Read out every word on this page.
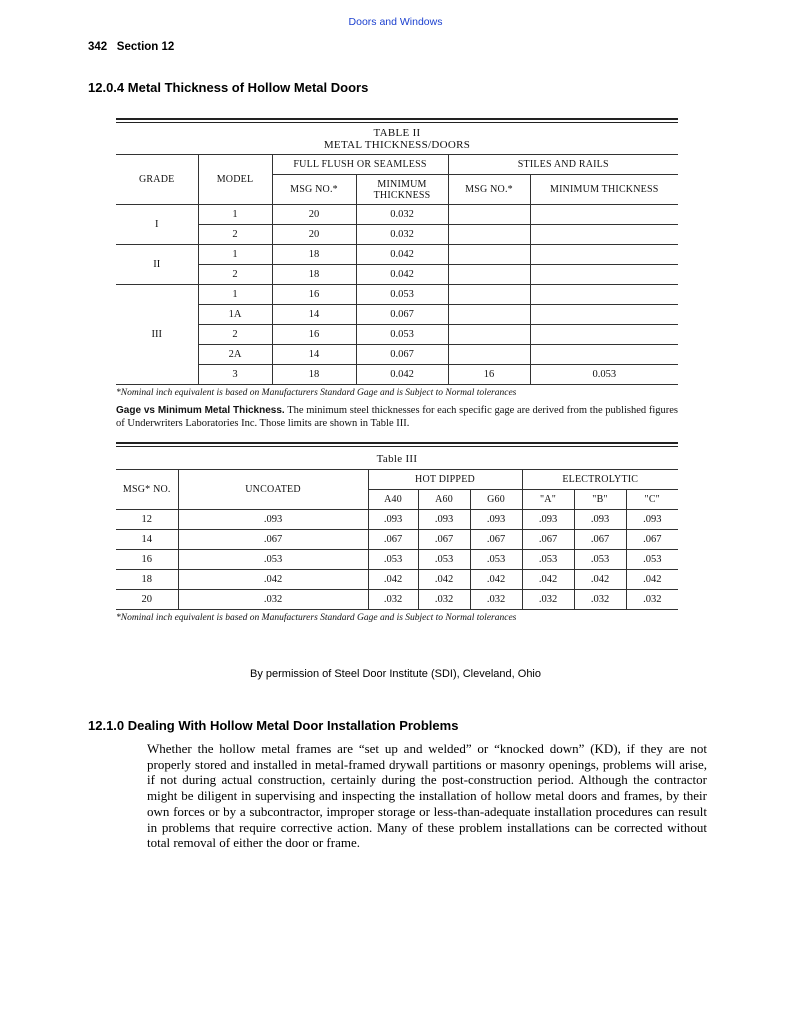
Doors and Windows
342   Section 12
12.0.4 Metal Thickness of Hollow Metal Doors
TABLE II
METAL THICKNESS/DOORS
GRADE	MODEL	FULL FLUSH OR SEAMLESS		STILES AND RAILS	
		MSG NO.*	MINIMUM THICKNESS	MSG NO.*	MINIMUM THICKNESS
I	1	20	0.032		
	2	20	0.032		
II	1	18	0.042		
	2	18	0.042		
III	1	16	0.053		
	1A	14	0.067		
	2	16	0.053		
	2A	14	0.067		
	3	18	0.042	16	0.053
*Nominal inch equivalent is based on Manufacturers Standard Gage and is Subject to Normal tolerances
Gage vs Minimum Metal Thickness. The minimum steel thicknesses for each specific gage are derived from the published figures of Underwriters Laboratories Inc. Those limits are shown in Table III.
Table III
MSG* NO.	UNCOATED	HOT DIPPED			ELECTROLYTIC		
		A40	A60	G60	"A"	"B"	"C"
12	.093	.093	.093	.093	.093	.093	.093
14	.067	.067	.067	.067	.067	.067	.067
16	.053	.053	.053	.053	.053	.053	.053
18	.042	.042	.042	.042	.042	.042	.042
20	.032	.032	.032	.032	.032	.032	.032
*Nominal inch equivalent is based on Manufacturers Standard Gage and is Subject to Normal tolerances
By permission of Steel Door Institute (SDI), Cleveland, Ohio
12.1.0 Dealing With Hollow Metal Door Installation Problems
Whether the hollow metal frames are “set up and welded” or “knocked down” (KD), if they are not properly stored and installed in metal-framed drywall partitions or masonry openings, problems will arise, if not during actual construction, certainly during the post-construction period. Although the contractor might be diligent in supervising and inspecting the installation of hollow metal doors and frames, by their own forces or by a subcontractor, improper storage or less-than-adequate installation procedures can result in problems that require corrective action. Many of these problem installations can be corrected without total removal of either the door or frame.
